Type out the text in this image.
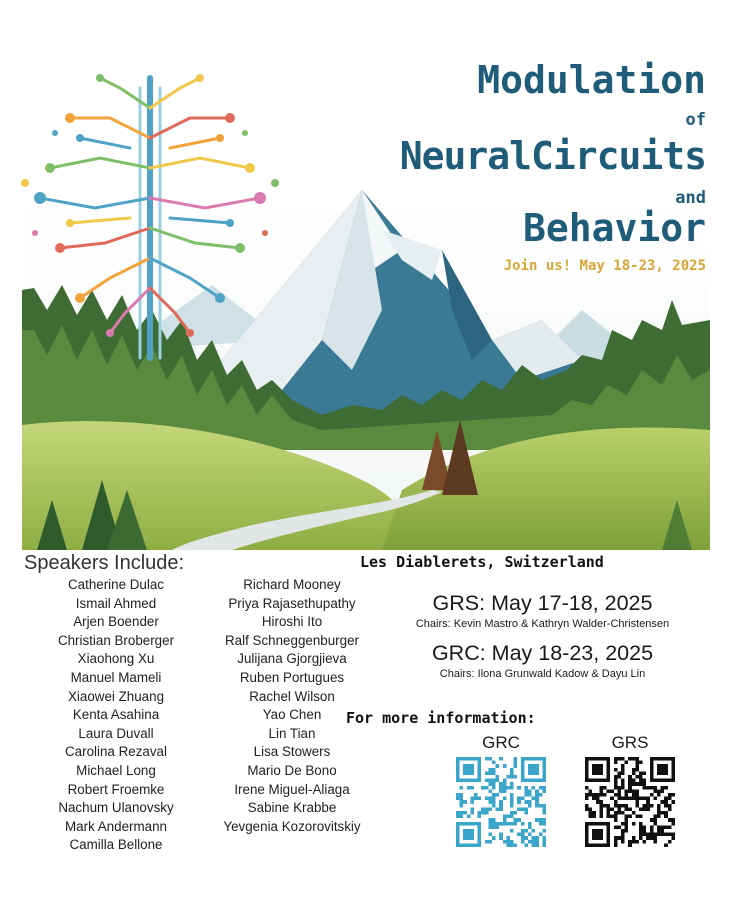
Modulation
of
NeuralCircuits
and
Behavior
Join us! May 18-23, 2025
Speakers Include:
Catherine Dulac
Ismail Ahmed
Arjen Boender
Christian Broberger
Xiaohong Xu
Manuel Mameli
Xiaowei Zhuang
Kenta Asahina
Laura Duvall
Carolina Rezaval
Michael Long
Robert Froemke
Nachum Ulanovsky
Mark Andermann
Camilla Bellone
Richard Mooney
Priya Rajasethupathy
Hiroshi Ito
Ralf Schneggenburger
Julijana Gjorgjieva
Ruben Portugues
Rachel Wilson
Yao Chen
Lin Tian
Lisa Stowers
Mario De Bono
Irene Miguel-Aliaga
Sabine Krabbe
Yevgenia Kozorovitskiy
Les Diablerets, Switzerland
GRS: May 17-18, 2025
Chairs: Kevin Mastro & Kathryn Walder-Christensen
GRC: May 18-23, 2025
Chairs: Ilona Grunwald Kadow & Dayu Lin
For more information:
GRC	GRS
